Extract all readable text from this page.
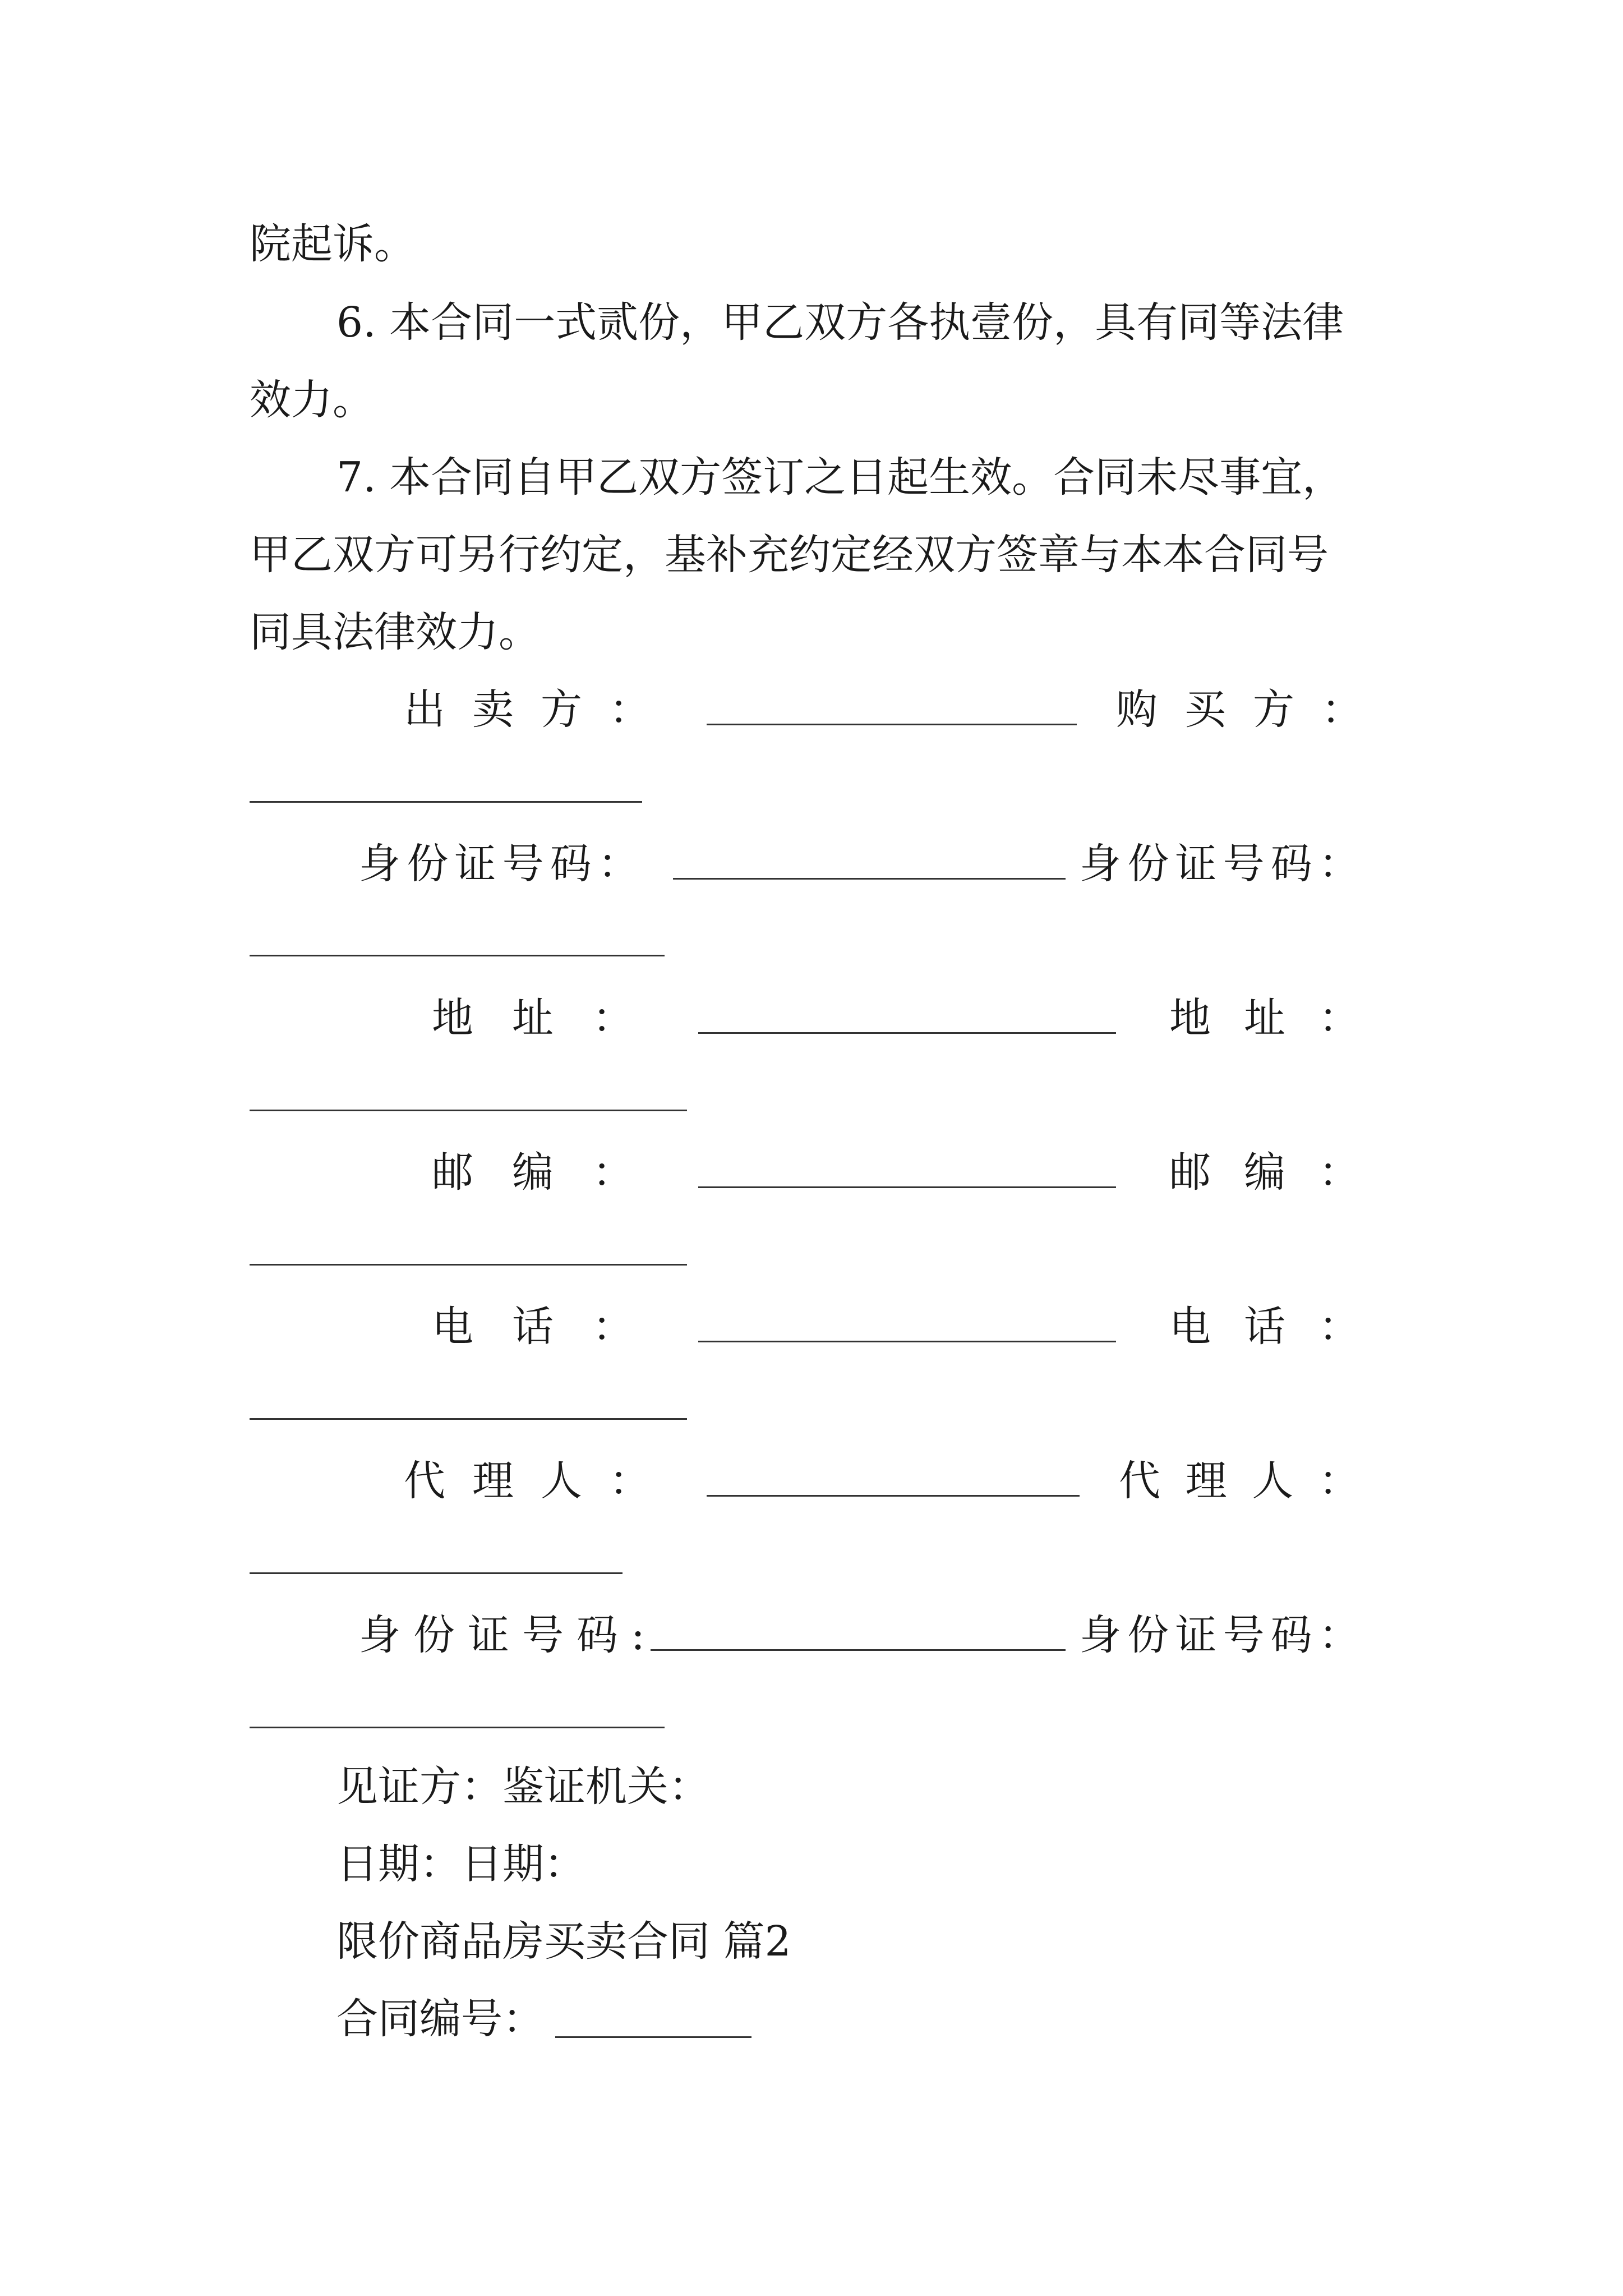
院起诉。
6. 本合同一式贰份，甲乙双方各执壹份，具有同等法律
效力。
7. 本合同自甲乙双方签订之日起生效。合同未尽事宜，
甲乙双方可另行约定，基补充约定经双方签章与本本合同号
同具法律效力。
出 卖 方 ：	购 买 方 ：
身 份 证 号 码 ：	身 份 证 号 码 ：
地 址 ：	地 址 ：
邮 编 ：	邮 编 ：
电 话 ：	电 话 ：
代 理 人 ：	代 理 人 ：
身 份 证 号 码 :	身 份 证 号 码 ：
见证方：鉴证机关：
日期：日期：
限价商品房买卖合同 篇2
合同编号：
